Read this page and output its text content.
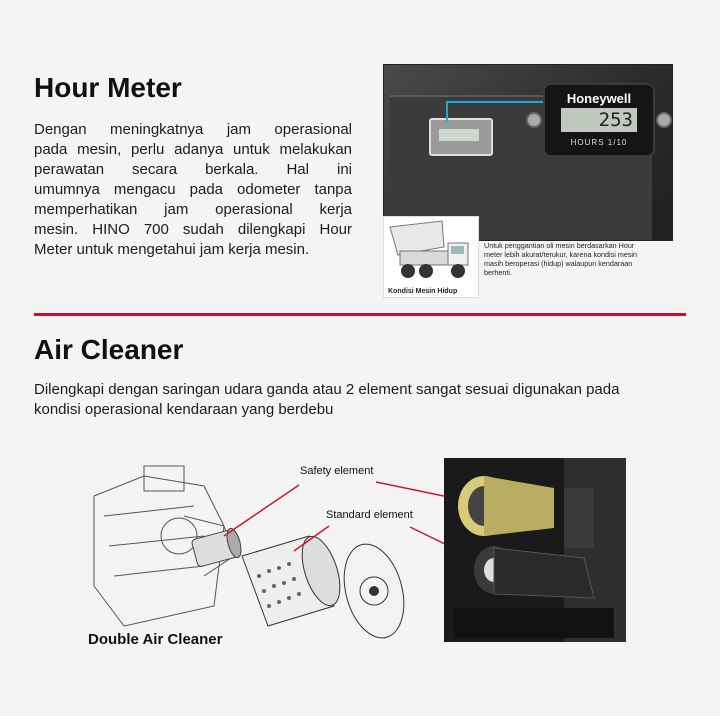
Hour Meter
Dengan meningkatnya jam operasional
pada mesin, perlu adanya untuk melakukan
perawatan secara berkala. Hal ini
umumnya mengacu pada odometer tanpa
memperhatikan jam operasional kerja
mesin. HINO 700 sudah dilengkapi Hour
Meter untuk mengetahui jam kerja mesin.
Honeywell
253
HOURS 1/10
Kondisi Mesin Hidup
Untuk penggantian oli mesin berdasarkan Hour
meter lebih akurat/terukur, karena kondisi mesin
masih beroperasi (hidup) walaupun kendaraan
berhenti.
Air Cleaner
Dilengkapi dengan saringan udara ganda atau 2 element sangat sesuai digunakan pada
kondisi operasional kendaraan yang berdebu
Safety element
Standard element
Double Air Cleaner
